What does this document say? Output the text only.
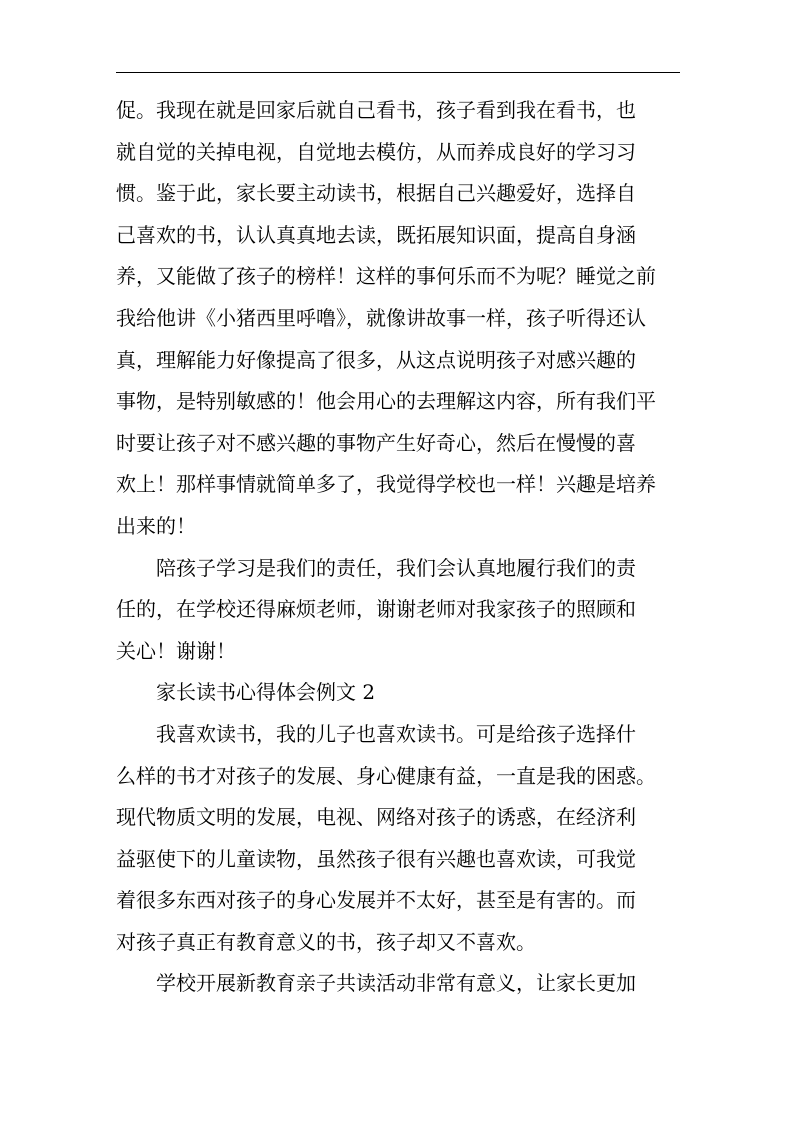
促。我现在就是回家后就自己看书，孩子看到我在看书，也
就自觉的关掉电视，自觉地去模仿，从而养成良好的学习习
惯。鉴于此，家长要主动读书，根据自己兴趣爱好，选择自
己喜欢的书，认认真真地去读，既拓展知识面，提高自身涵
养，又能做了孩子的榜样！这样的事何乐而不为呢？睡觉之前
我给他讲《小猪西里呼噜》，就像讲故事一样，孩子听得还认
真，理解能力好像提高了很多，从这点说明孩子对感兴趣的
事物，是特别敏感的！他会用心的去理解这内容，所有我们平
时要让孩子对不感兴趣的事物产生好奇心，然后在慢慢的喜
欢上！那样事情就简单多了，我觉得学校也一样！兴趣是培养
出来的！
陪孩子学习是我们的责任，我们会认真地履行我们的责
任的，在学校还得麻烦老师，谢谢老师对我家孩子的照顾和
关心！谢谢！
家长读书心得体会例文 2
我喜欢读书，我的儿子也喜欢读书。可是给孩子选择什
么样的书才对孩子的发展、身心健康有益，一直是我的困惑。
现代物质文明的发展，电视、网络对孩子的诱惑，在经济利
益驱使下的儿童读物，虽然孩子很有兴趣也喜欢读，可我觉
着很多东西对孩子的身心发展并不太好，甚至是有害的。而
对孩子真正有教育意义的书，孩子却又不喜欢。
学校开展新教育亲子共读活动非常有意义，让家长更加
